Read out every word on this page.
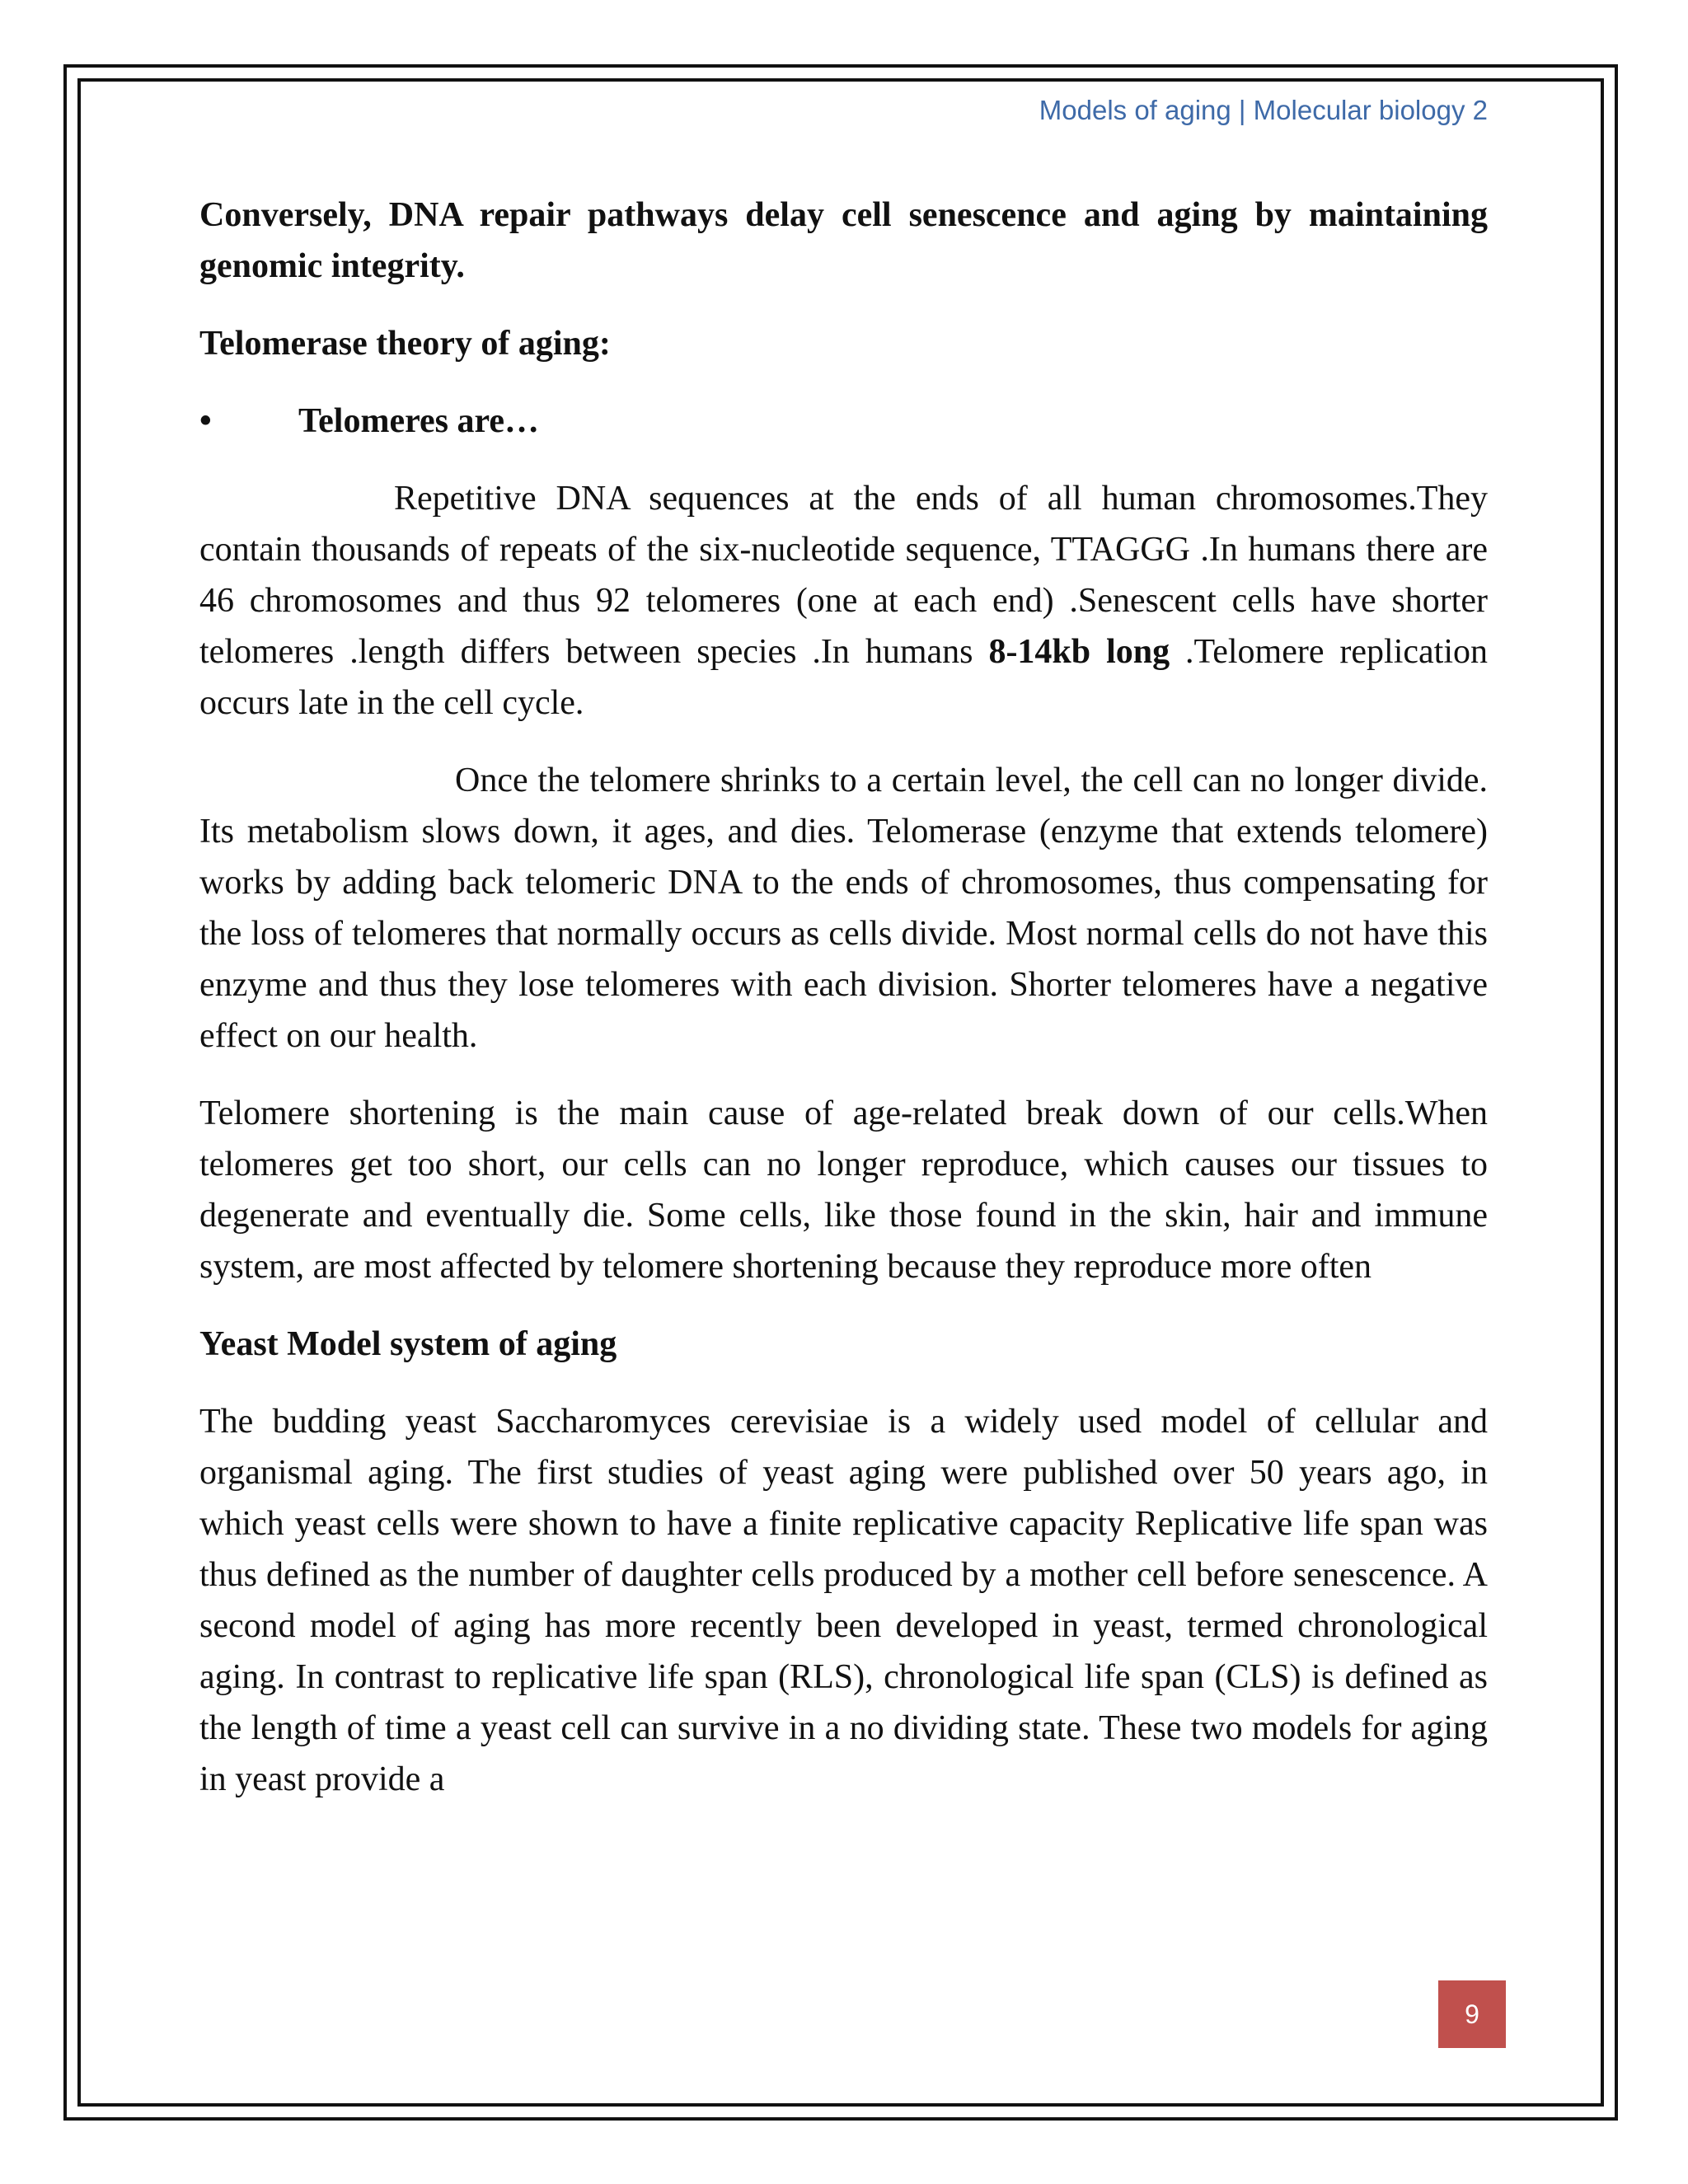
Models of aging | Molecular biology 2

Conversely, DNA repair pathways delay cell senescence and aging by maintaining genomic integrity.

Telomerase theory of aging:

•	Telomeres are…

Repetitive DNA sequences at the ends of all human chromosomes.They contain thousands of repeats of the six-nucleotide sequence, TTAGGG .In humans there are 46 chromosomes and thus 92 telomeres (one at each end) .Senescent cells have shorter telomeres .length differs between species .In humans 8-14kb long .Telomere replication occurs late in the cell cycle.

Once the telomere shrinks to a certain level, the cell can no longer divide. Its metabolism slows down, it ages, and dies. Telomerase (enzyme that extends telomere) works by adding back telomeric DNA to the ends of chromosomes, thus compensating for the loss of telomeres that normally occurs as cells divide. Most normal cells do not have this enzyme and thus they lose telomeres with each division. Shorter telomeres have a negative effect on our health.

Telomere shortening is the main cause of age-related break down of our cells.When telomeres get too short, our cells can no longer reproduce, which causes our tissues to degenerate and eventually die. Some cells, like those found in the skin, hair and immune system, are most affected by telomere shortening because they reproduce more often

Yeast Model system of aging

The budding yeast Saccharomyces cerevisiae is a widely used model of cellular and organismal aging. The first studies of yeast aging were published over 50 years ago, in which yeast cells were shown to have a finite replicative capacity Replicative life span was thus defined as the number of daughter cells produced by a mother cell before senescence. A second model of aging has more recently been developed in yeast, termed chronological aging. In contrast to replicative life span (RLS), chronological life span (CLS) is defined as the length of time a yeast cell can survive in a no dividing state. These two models for aging in yeast provide a

9
